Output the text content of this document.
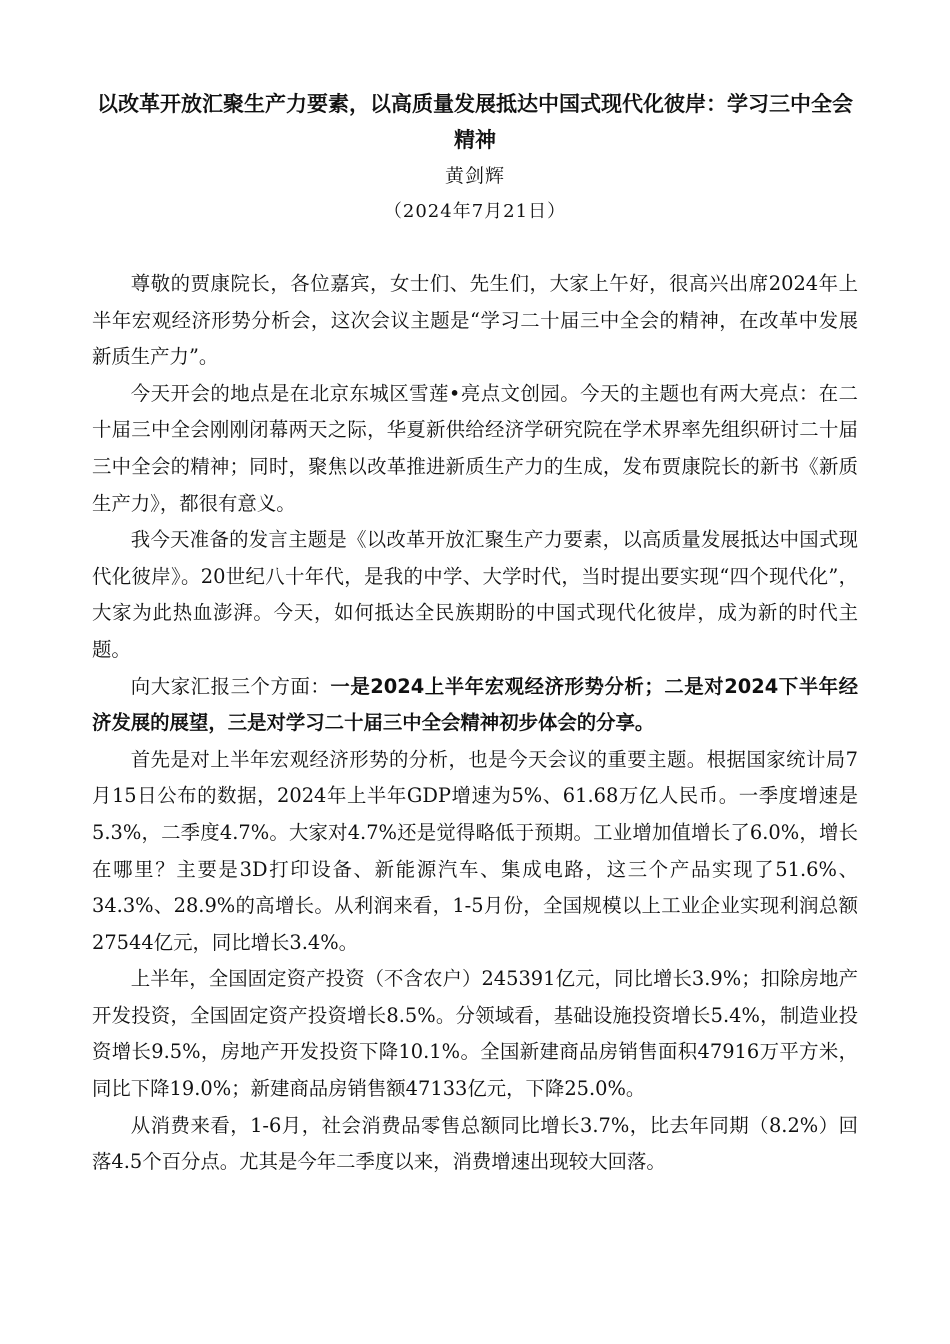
以改革开放汇聚生产力要素，以高质量发展抵达中国式现代化彼岸：学习三中全会精神

黄剑辉

（2024年7月21日）

尊敬的贾康院长，各位嘉宾，女士们、先生们，大家上午好，很高兴出席2024年上半年宏观经济形势分析会，这次会议主题是“学习二十届三中全会的精神，在改革中发展新质生产力”。

今天开会的地点是在北京东城区雪莲•亮点文创园。今天的主题也有两大亮点：在二十届三中全会刚刚闭幕两天之际，华夏新供给经济学研究院在学术界率先组织研讨二十届三中全会的精神；同时，聚焦以改革推进新质生产力的生成，发布贾康院长的新书《新质生产力》，都很有意义。

我今天准备的发言主题是《以改革开放汇聚生产力要素，以高质量发展抵达中国式现代化彼岸》。20世纪八十年代，是我的中学、大学时代，当时提出要实现“四个现代化”，大家为此热血澎湃。今天，如何抵达全民族期盼的中国式现代化彼岸，成为新的时代主题。

向大家汇报三个方面：一是2024上半年宏观经济形势分析；二是对2024下半年经济发展的展望，三是对学习二十届三中全会精神初步体会的分享。

首先是对上半年宏观经济形势的分析，也是今天会议的重要主题。根据国家统计局7月15日公布的数据，2024年上半年GDP增速为5%、61.68万亿人民币。一季度增速是5.3%，二季度4.7%。大家对4.7%还是觉得略低于预期。工业增加值增长了6.0%，增长在哪里？主要是3D打印设备、新能源汽车、集成电路，这三个产品实现了51.6%、34.3%、28.9%的高增长。从利润来看，1-5月份，全国规模以上工业企业实现利润总额27544亿元，同比增长3.4%。

上半年，全国固定资产投资（不含农户）245391亿元，同比增长3.9%；扣除房地产开发投资，全国固定资产投资增长8.5%。分领域看，基础设施投资增长5.4%，制造业投资增长9.5%，房地产开发投资下降10.1%。全国新建商品房销售面积47916万平方米，同比下降19.0%；新建商品房销售额47133亿元，下降25.0%。

从消费来看，1-6月，社会消费品零售总额同比增长3.7%，比去年同期（8.2%）回落4.5个百分点。尤其是今年二季度以来，消费增速出现较大回落。
